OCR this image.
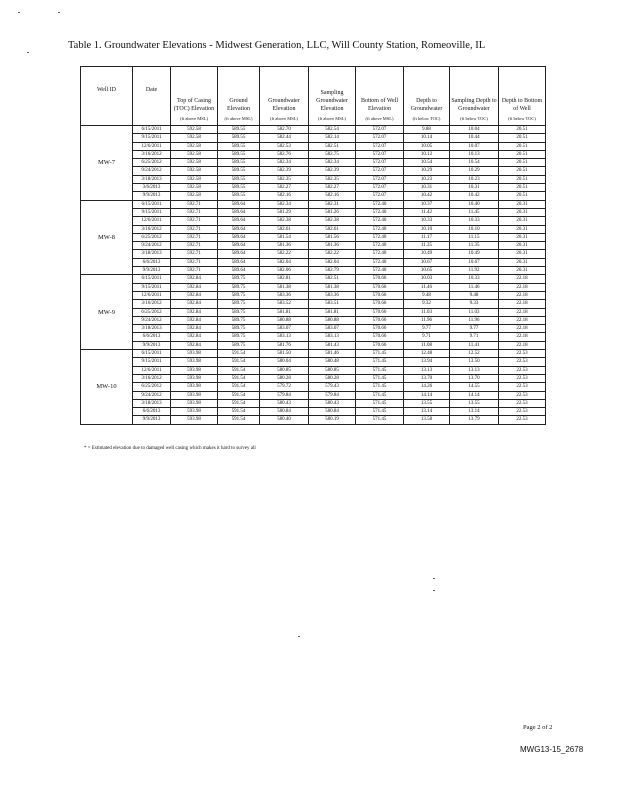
Table 1. Groundwater Elevations - Midwest Generation, LLC, Will County Station, Romeoville, IL
Well ID	Date	Top of Casing (TOC) Elevation	Ground Elevation	Groundwater Elevation	Sampling Groundwater Elevation	Bottom of Well Elevation	Depth to Groundwater	Sampling Depth to Groundwater	Depth to Bottom of Well
		(ft above MSL)	(ft above MSL)	(ft above MSL)	(ft above MSL)	(ft above MSL)	(ft below TOC)	(ft below TOC)	(ft below TOC)
MW-7	6/15/2011	592.58	589.55	582.70	582.54	572.07	9.88	10.04	20.51
	9/15/2011	592.58	589.55	582.44	582.14	572.07	10.14	10.44	20.51
	12/6/2011	592.58	589.55	582.53	582.51	572.07	10.05	10.07	20.51
	3/16/2012	592.58	589.55	582.76	582.75	572.07	10.12	10.13	20.51
	6/25/2012	592.58	589.55	582.34	582.34	572.07	10.54	10.54	20.51
	9/24/2012	592.58	589.55	582.39	582.39	572.07	10.29	10.29	20.51
	3/18/2013	592.58	589.55	582.35	582.35	572.07	10.23	10.23	20.51
	3/6/2013	592.58	589.55	582.27	582.27	572.07	10.31	10.31	20.51
	9/9/2013	592.58	589.55	582.16	582.16	572.07	10.42	10.42	20.51
MW-8	6/15/2011	592.71	589.64	582.34	582.31	572.40	10.37	10.40	20.31
	9/15/2011	592.71	589.64	581.29	581.26	572.40	11.42	11.45	20.31
	12/6/2011	592.71	589.64	582.38	582.38	572.40	10.33	10.33	20.31
	3/16/2012	592.71	589.64	582.61	582.61	572.40	10.10	10.10	20.31
	6/25/2012	592.71	589.64	581.54	581.56	572.40	11.17	11.15	20.31
	9/24/2012	592.71	589.64	581.36	581.36	572.40	11.35	11.35	20.31
	3/18/2013	592.71	589.64	582.22	582.22	572.40	10.49	10.49	20.31
	6/6/2013	592.71	589.64	582.04	582.04	572.40	10.67	10.67	20.31
	9/9/2013	592.71	589.64	582.06	582.79	572.40	10.65	11.92	20.31
MW-9	6/15/2011	592.84	589.75	582.81	582.51	570.66	10.03	10.33	22.18
	9/15/2011	592.84	589.75	581.38	581.38	570.66	11.46	11.46	22.18
	12/6/2011	592.84	589.75	583.36	583.36	570.66	9.48	9.48	22.18
	3/16/2012	592.84	589.75	583.52	583.51	570.66	9.32	9.33	22.18
	6/25/2012	592.84	589.75	581.81	581.81	570.66	11.03	11.03	22.18
	9/24/2012	592.84	589.75	580.88	580.88	570.66	11.96	11.96	22.18
	3/18/2013	592.84	589.75	583.07	583.07	570.66	9.77	9.77	22.18
	6/6/2013	592.84	589.75	583.13	583.13	570.66	9.71	9.71	22.18
	9/9/2013	592.84	589.75	581.76	581.43	570.66	11.08	11.41	22.18
MW-10	6/15/2011	593.98	591.54	581.50	581.46	571.45	12.48	12.52	22.53
	9/15/2011	593.98	591.54	580.04	580.48	571.45	13.94	13.50	22.53
	12/6/2011	593.98	591.54	580.85	580.85	571.45	13.13	13.13	22.53
	3/16/2012	593.98	591.54	580.28	580.28	571.45	13.70	13.70	22.53
	6/25/2012	593.98	591.54	579.72	579.43	571.45	14.26	14.55	22.53
	9/24/2012	593.98	591.54	579.84	579.84	571.45	14.14	14.14	22.53
	3/18/2013	593.98	591.54	580.43	580.43	571.45	13.55	13.55	22.53
	6/6/2013	593.98	591.54	580.84	580.84	571.45	13.14	13.14	22.53
	9/9/2013	593.98	591.54	580.40	580.19	571.45	13.58	13.79	22.53
* = Estimated elevation due to damaged well casing which makes it hard to survey all
Page 2 of 2
MWG13-15_2678
